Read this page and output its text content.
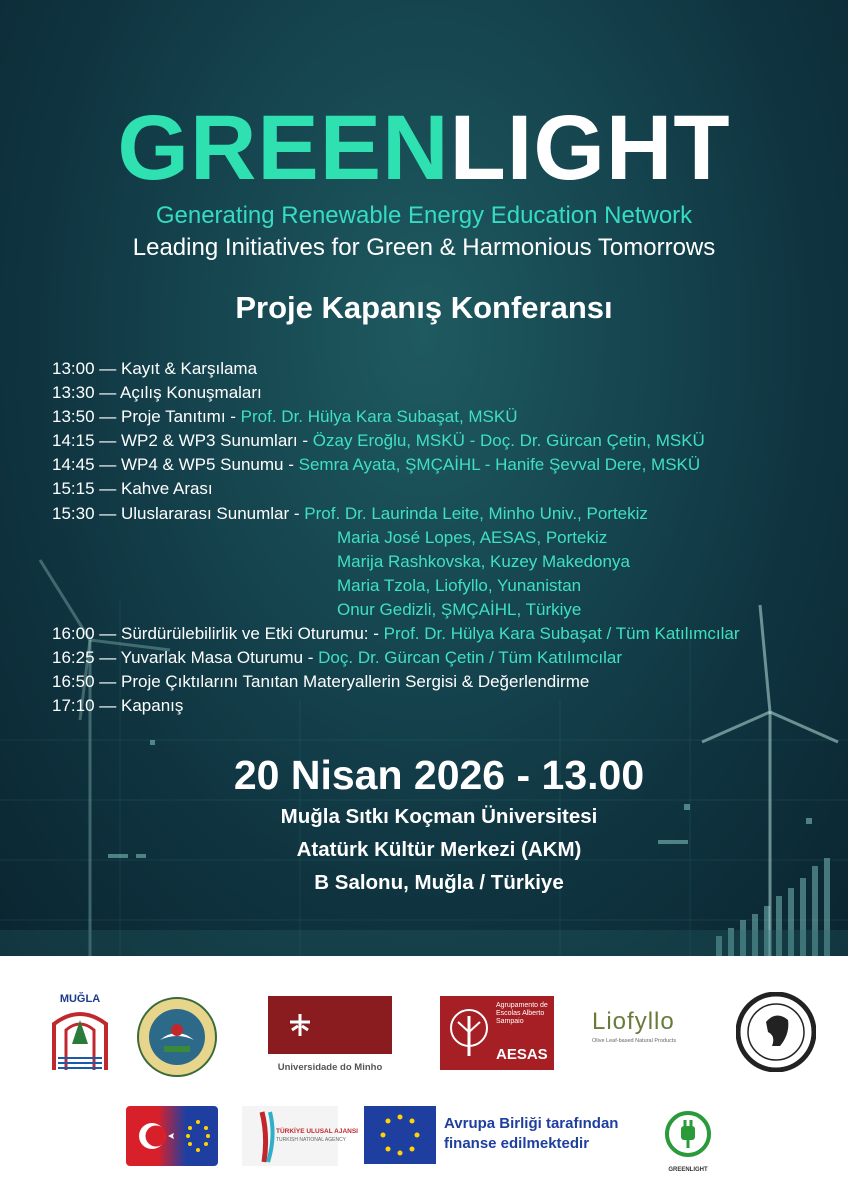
GREENLIGHT
Generating Renewable Energy Education Network
Leading Initiatives for Green & Harmonious Tomorrows
Proje Kapanış Konferansı
13:00 — Kayıt & Karşılama
13:30 — Açılış Konuşmaları
13:50 — Proje Tanıtımı - Prof. Dr. Hülya Kara Subaşat, MSKÜ
14:15 — WP2 & WP3 Sunumları - Özay Eroğlu, MSKÜ - Doç. Dr. Gürcan Çetin, MSKÜ
14:45 — WP4 & WP5 Sunumu - Semra Ayata, ŞMÇAİHL - Hanife Şevval Dere, MSKÜ
15:15 — Kahve Arası
15:30 — Uluslararası Sunumlar - Prof. Dr. Laurinda Leite, Minho Univ., Portekiz
Maria José Lopes, AESAS, Portekiz
Marija Rashkovska, Kuzey Makedonya
Maria Tzola, Liofyllo, Yunanistan
Onur Gedizli, ŞMÇAİHL, Türkiye
16:00 — Sürdürülebilirlik ve Etki Oturumu: - Prof. Dr. Hülya Kara Subaşat / Tüm Katılımcılar
16:25 — Yuvarlak Masa Oturumu - Doç. Dr. Gürcan Çetin / Tüm Katılımcılar
16:50 — Proje Çıktılarını Tanıtan Materyallerin Sergisi & Değerlendirme
17:10 — Kapanış
20 Nisan 2026 - 13.00
Muğla Sıtkı Koçman Üniversitesi
Atatürk Kültür Merkezi (AKM)
B Salonu, Muğla / Türkiye
MUĞLA
Universidade do Minho
Agrupamento de Escolas Alberto Sampaio
AESAS
Liofyllo
Olive Leaf-based Natural Products
TÜRKİYE ULUSAL AJANSI
TURKISH NATIONAL AGENCY
Avrupa Birliği tarafından
finanse edilmektedir
GREENLIGHT
